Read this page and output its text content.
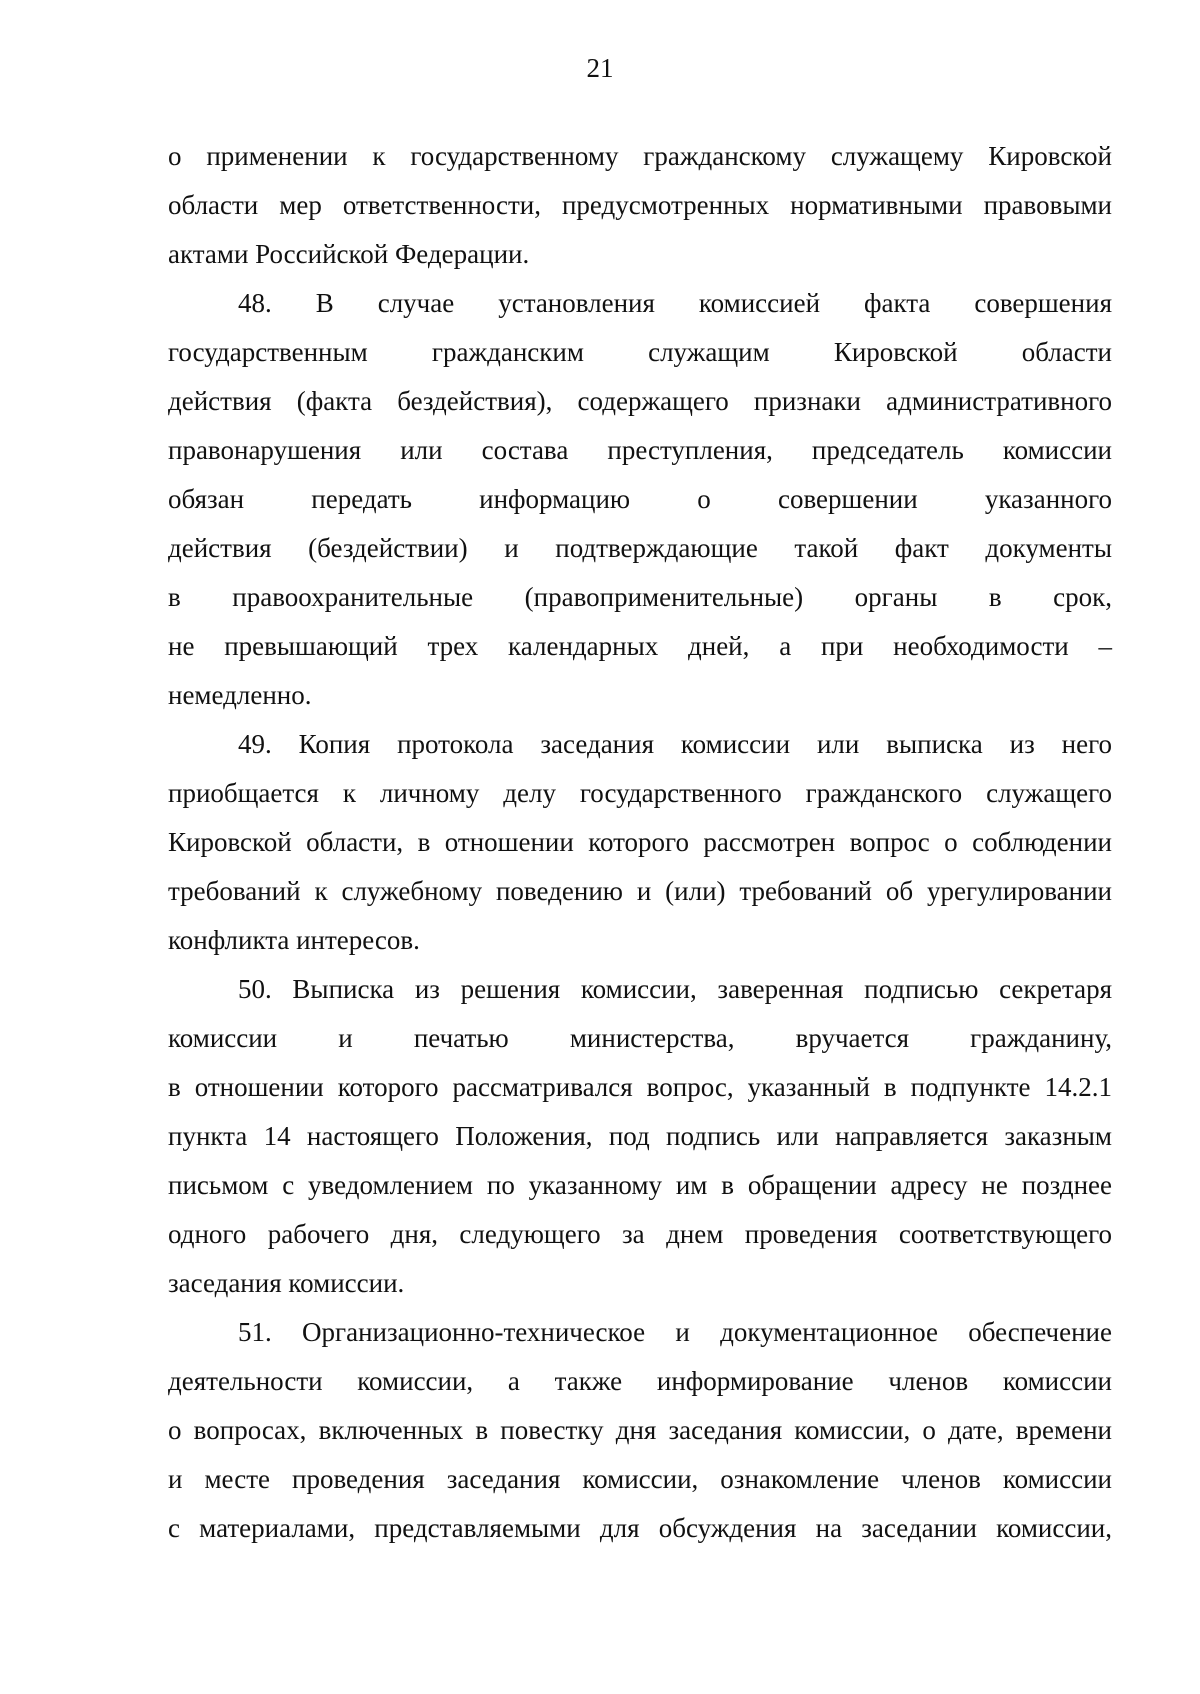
21
о применении к государственному гражданскому служащему Кировской
области мер ответственности, предусмотренных нормативными правовыми
актами Российской Федерации.
48. В случае установления комиссией факта совершения
государственным гражданским служащим Кировской области
действия (факта бездействия), содержащего признаки административного
правонарушения или состава преступления, председатель комиссии
обязан передать информацию о совершении указанного
действия (бездействии) и подтверждающие такой факт документы
в правоохранительные (правоприменительные) органы в срок,
не превышающий трех календарных дней, а при необходимости –
немедленно.
49. Копия протокола заседания комиссии или выписка из него
приобщается к личному делу государственного гражданского служащего
Кировской области, в отношении которого рассмотрен вопрос о соблюдении
требований к служебному поведению и (или) требований об урегулировании
конфликта интересов.
50. Выписка из решения комиссии, заверенная подписью секретаря
комиссии и печатью министерства, вручается гражданину,
в отношении которого рассматривался вопрос, указанный в подпункте 14.2.1
пункта 14 настоящего Положения, под подпись или направляется заказным
письмом с уведомлением по указанному им в обращении адресу не позднее
одного рабочего дня, следующего за днем проведения соответствующего
заседания комиссии.
51. Организационно-техническое и документационное обеспечение
деятельности комиссии, а также информирование членов комиссии
о вопросах, включенных в повестку дня заседания комиссии, о дате, времени
и месте проведения заседания комиссии, ознакомление членов комиссии
с материалами, представляемыми для обсуждения на заседании комиссии,
